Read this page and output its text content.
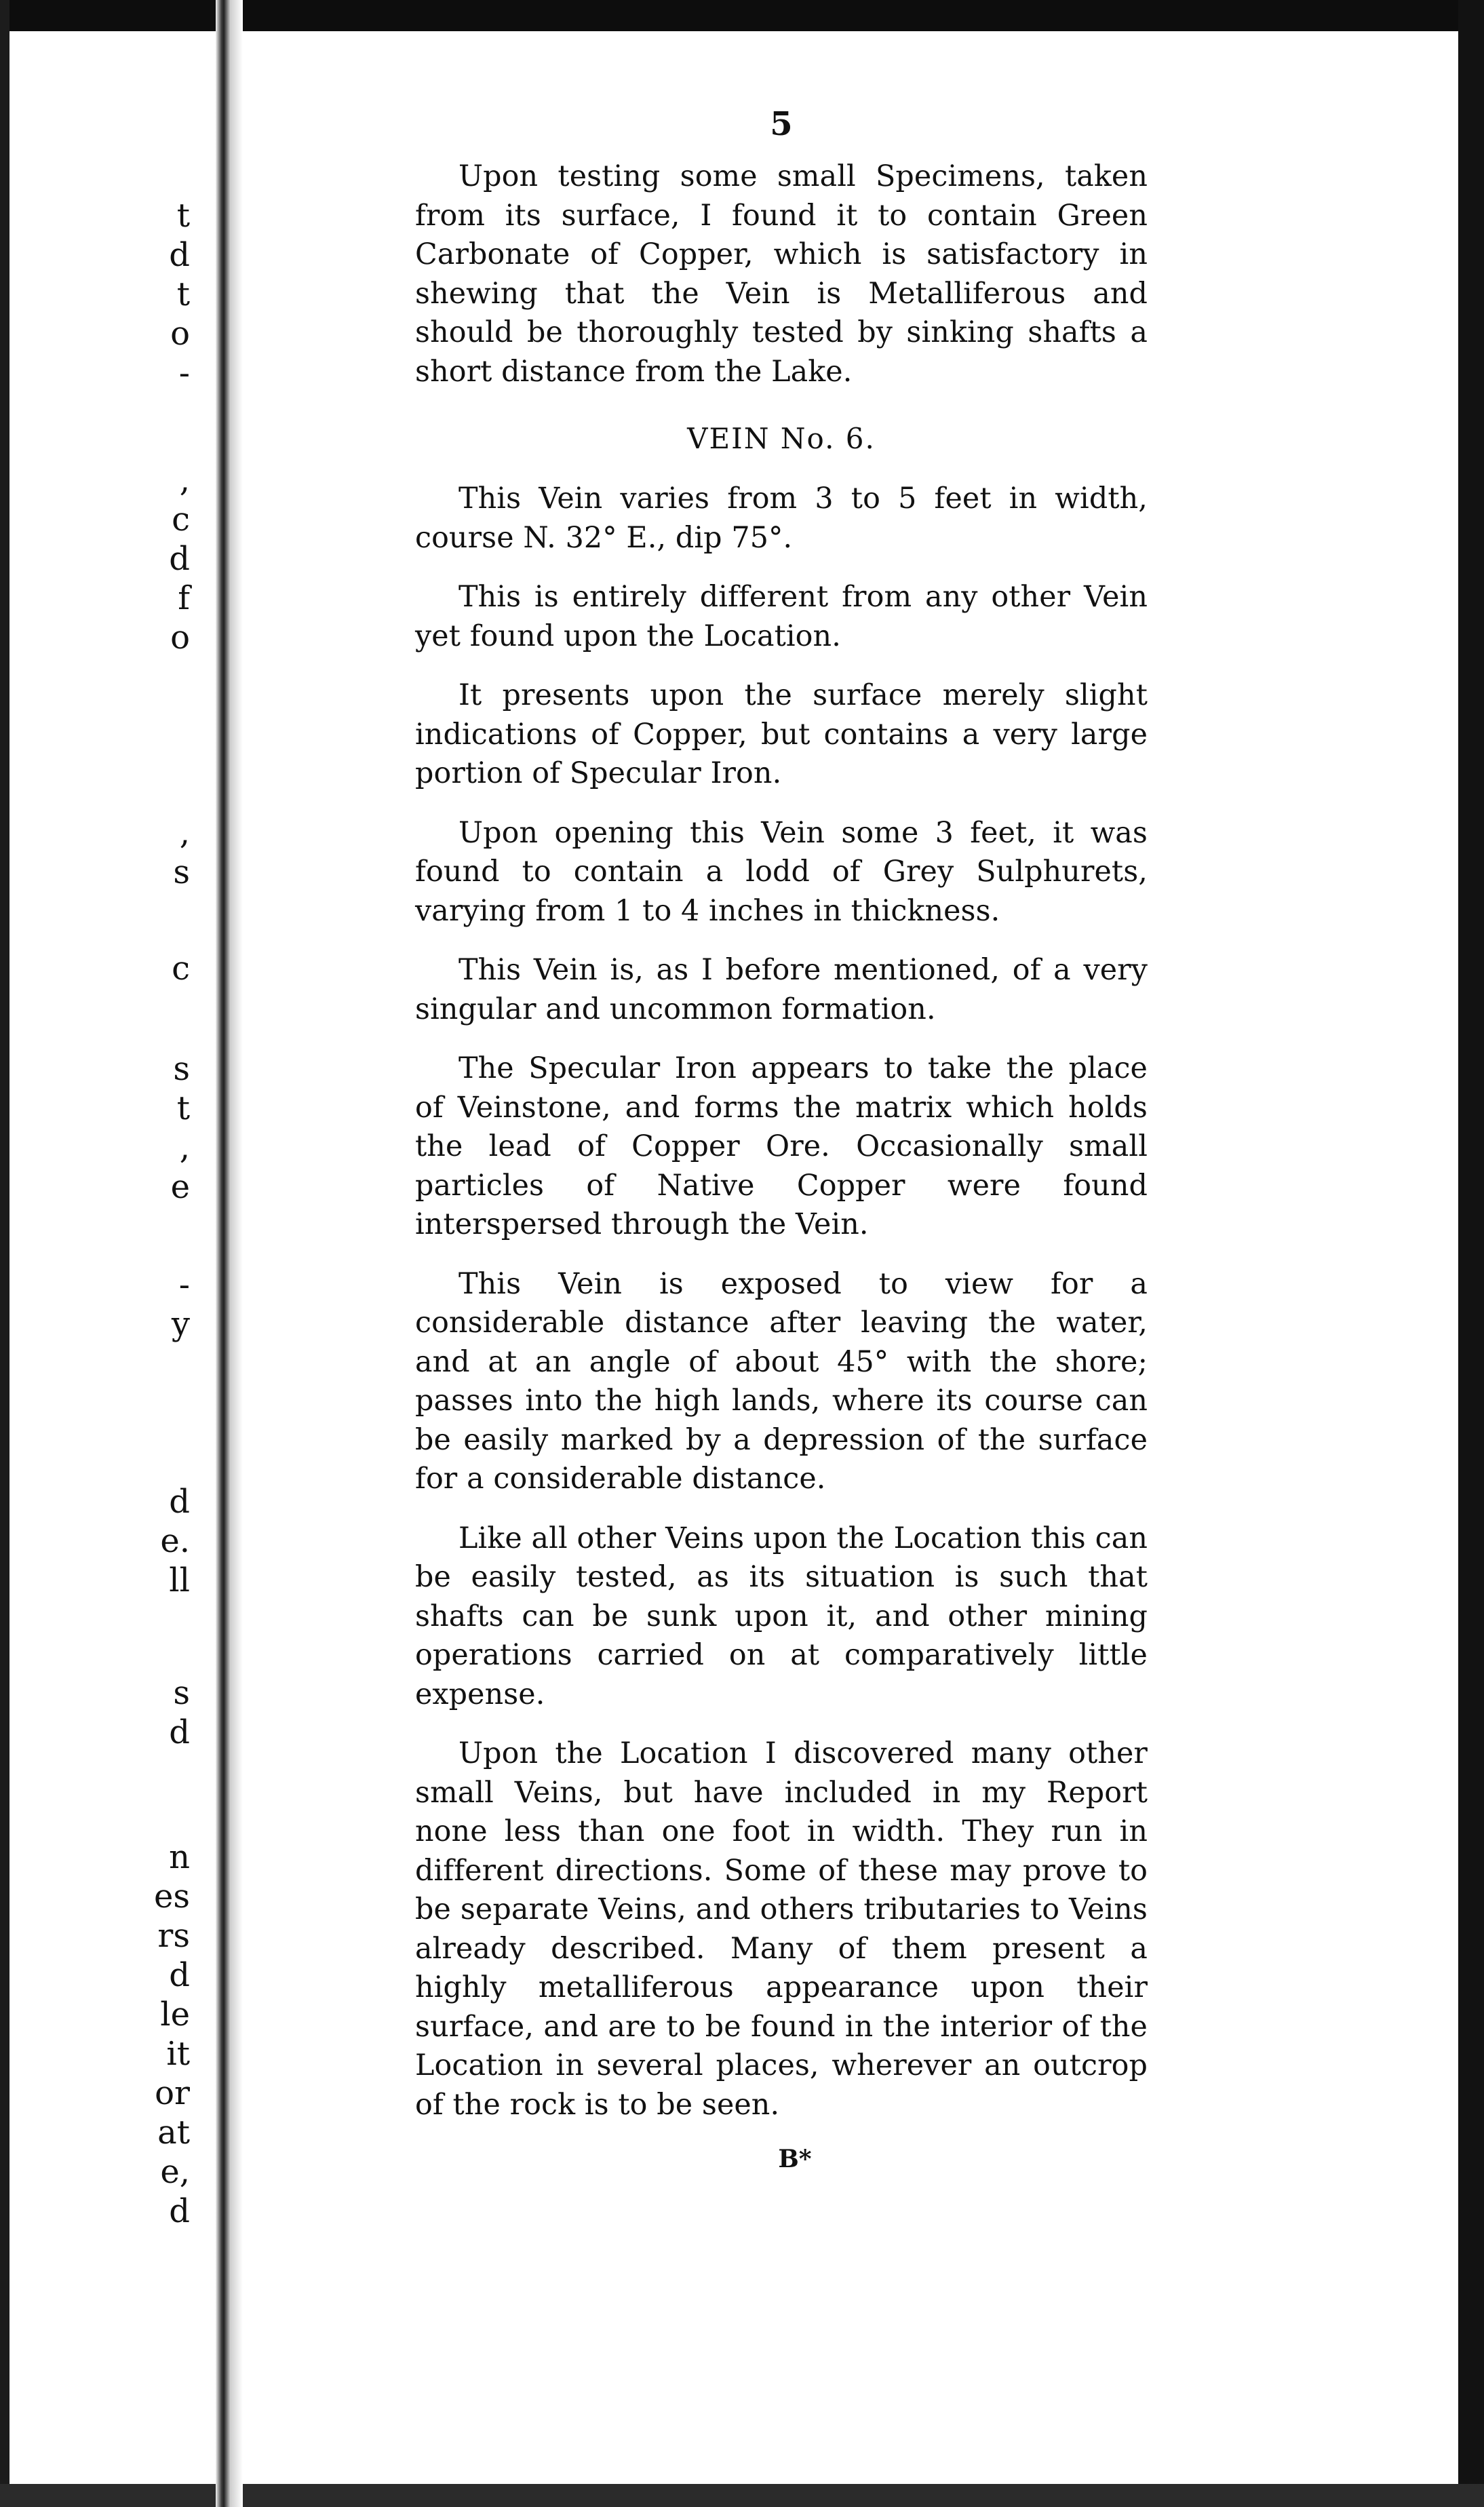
t
d
t
o
-
,
c
d
f
o
,
s
c
s
t
,
e
-
y
d
e.
ll
s
d
n
es
rs
d
le
it
or
at
e,
d
5

Upon testing some small Specimens, taken from its surface, I found it to contain Green Carbonate of Copper, which is satisfactory in shewing that the Vein is Metalliferous and should be thoroughly tested by sinking shafts a short distance from the Lake.

VEIN No. 6.

This Vein varies from 3 to 5 feet in width, course N. 32° E., dip 75°.

This is entirely different from any other Vein yet found upon the Location.

It presents upon the surface merely slight indications of Copper, but contains a very large portion of Specular Iron.

Upon opening this Vein some 3 feet, it was found to contain a lodd of Grey Sulphurets, varying from 1 to 4 inches in thickness.

This Vein is, as I before mentioned, of a very singular and uncommon formation.

The Specular Iron appears to take the place of Veinstone, and forms the matrix which holds the lead of Copper Ore. Occasionally small particles of Native Copper were found interspersed through the Vein.

This Vein is exposed to view for a considerable distance after leaving the water, and at an angle of about 45° with the shore; passes into the high lands, where its course can be easily marked by a depression of the surface for a considerable distance.

Like all other Veins upon the Location this can be easily tested, as its situation is such that shafts can be sunk upon it, and other mining operations carried on at comparatively little expense.

Upon the Location I discovered many other small Veins, but have included in my Report none less than one foot in width. They run in different directions. Some of these may prove to be separate Veins, and others tributaries to Veins already described. Many of them present a highly metalliferous appearance upon their surface, and are to be found in the interior of the Location in several places, wherever an outcrop of the rock is to be seen.

B*
